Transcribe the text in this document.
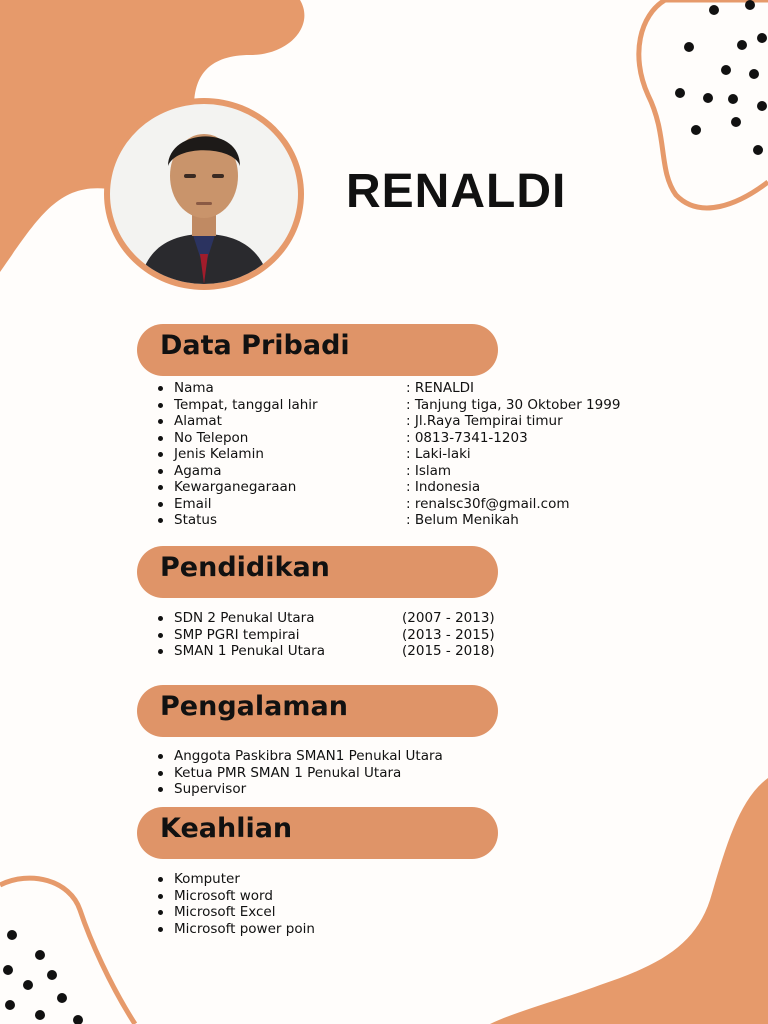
RENALDI
Data Pribadi
Nama	: RENALDI
Tempat, tanggal lahir	: Tanjung tiga, 30 Oktober 1999
Alamat	: Jl.Raya Tempirai timur
No Telepon	: 0813-7341-1203
Jenis Kelamin	: Laki-laki
Agama	: Islam
Kewarganegaraan	: Indonesia
Email	: renalsc30f@gmail.com
Status	: Belum Menikah
Pendidikan
SDN 2 Penukal Utara	(2007 - 2013)
SMP PGRI tempirai	(2013 - 2015)
SMAN 1 Penukal Utara	(2015 - 2018)
Pengalaman
Anggota Paskibra SMAN1 Penukal Utara
Ketua PMR SMAN 1 Penukal Utara
Supervisor
Keahlian
Komputer
Microsoft word
Microsoft Excel
Microsoft power poin
